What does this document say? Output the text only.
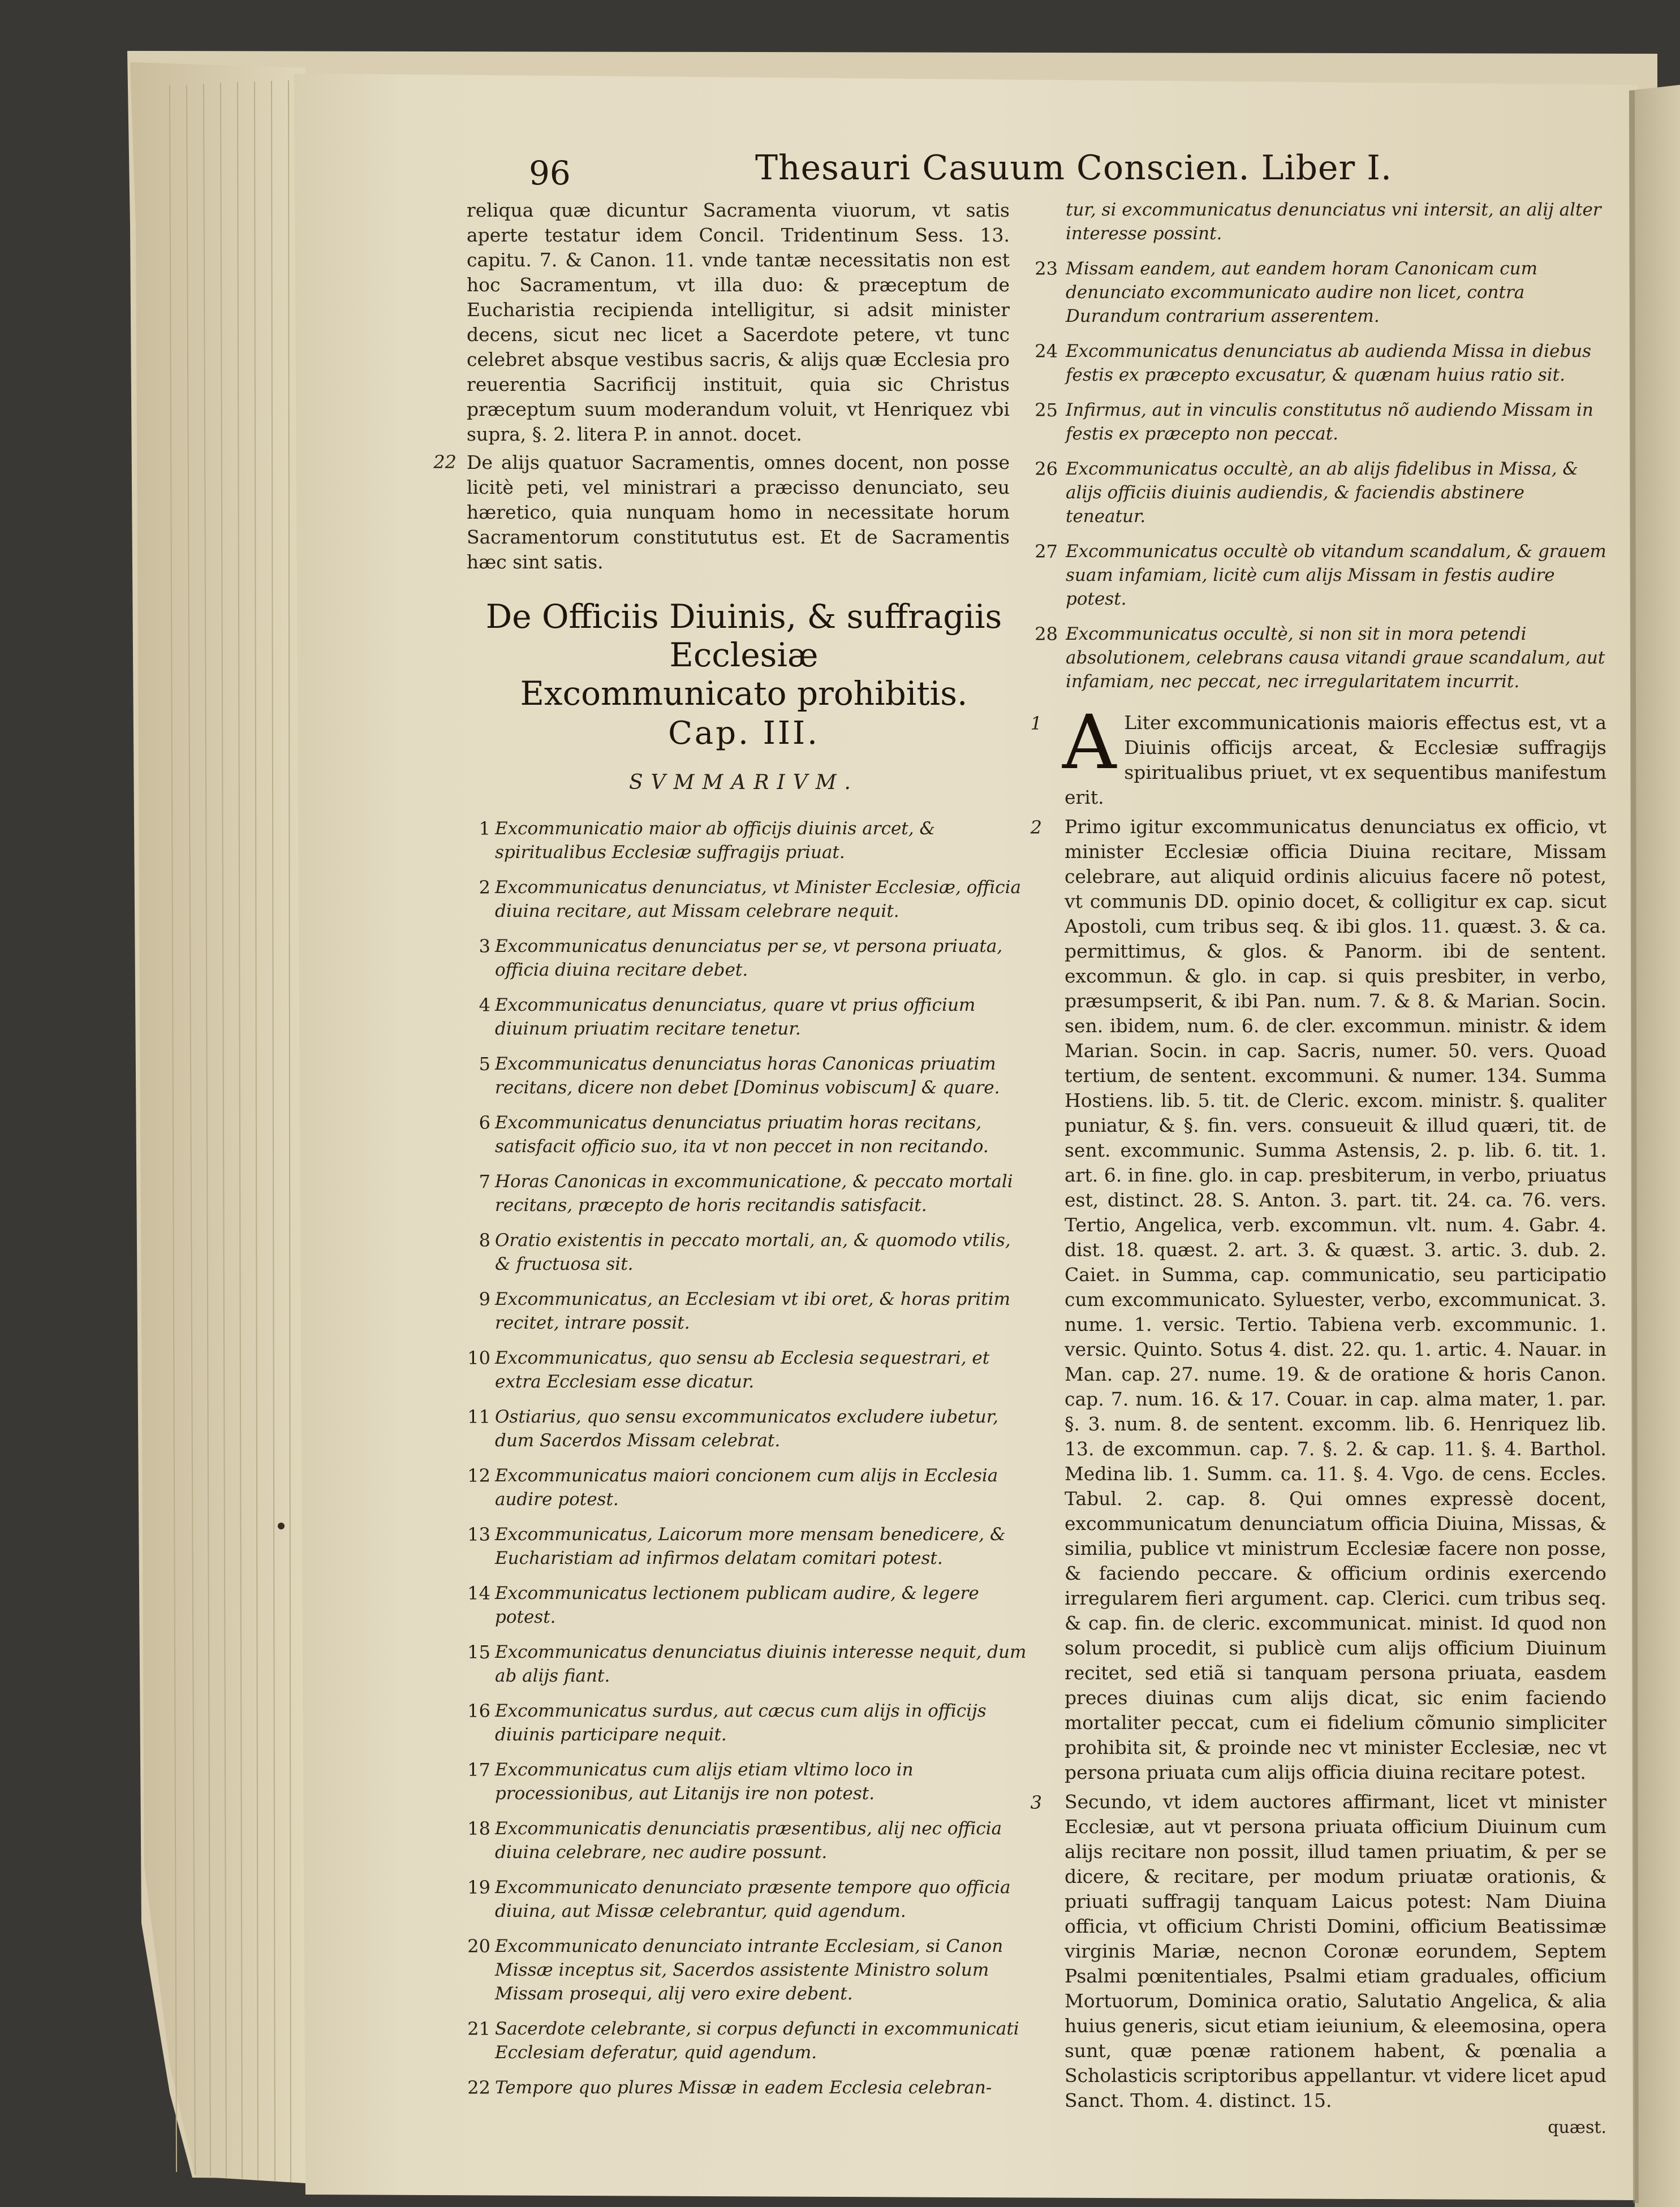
Thesauri Casuum Conscien. Liber I.
96

reliqua quæ dicuntur Sacramenta viuorum, vt satis aperte testatur idem Concil. Tridentinum Sess. 13. capitu. 7. & Canon. 11. vnde tantæ necessitatis non est hoc Sacramentum, vt illa duo: & præceptum de Eucharistia recipienda intelligitur, si adsit minister decens, sicut nec licet a Sacerdote petere, vt tunc celebret absque vestibus sacris, & alijs quæ Ecclesia pro reuerentia Sacrificij instituit, quia sic Christus præceptum suum moderandum voluit, vt Henriquez vbi supra, §. 2. litera P. in annot. docet.

22 De alijs quatuor Sacramentis, omnes docent, non posse licitè peti, vel ministrari a præcisso denunciato, seu hæretico, quia nunquam homo in necessitate horum Sacramentorum constitututus est. Et de Sacramentis hæc sint satis.

De Officiis Diuinis, & suffragiis Ecclesiæ
Excommunicato prohibitis.
Cap. III.
SVMMARIVM.
1 Excommunicatio maior ab officijs diuinis arcet, & spiritualibus Ecclesiæ suffragijs priuat.
2 Excommunicatus denunciatus, vt Minister Ecclesiæ, officia diuina recitare, aut Missam celebrare nequit.
3 Excommunicatus denunciatus per se, vt persona priuata, officia diuina recitare debet.
4 Excommunicatus denunciatus, quare vt prius officium diuinum priuatim recitare tenetur.
5 Excommunicatus denunciatus horas Canonicas priuatim recitans, dicere non debet [Dominus vobiscum] & quare.
6 Excommunicatus denunciatus priuatim horas recitans, satisfacit officio suo, ita vt non peccet in non recitando.
7 Horas Canonicas in excommunicatione, & peccato mortali recitans, præcepto de horis recitandis satisfacit.
8 Oratio existentis in peccato mortali, an, & quomodo vtilis, & fructuosa sit.
9 Excommunicatus, an Ecclesiam vt ibi oret, & horas pritim recitet, intrare possit.
10 Excommunicatus, quo sensu ab Ecclesia sequestrari, et extra Ecclesiam esse dicatur.
11 Ostiarius, quo sensu excommunicatos excludere iubetur, dum Sacerdos Missam celebrat.
12 Excommunicatus maiori concionem cum alijs in Ecclesia audire potest.
13 Excommunicatus, Laicorum more mensam benedicere, & Eucharistiam ad infirmos delatam comitari potest.
14 Excommunicatus lectionem publicam audire, & legere potest.
15 Excommunicatus denunciatus diuinis interesse nequit, dum ab alijs fiant.
16 Excommunicatus surdus, aut cæcus cum alijs in officijs diuinis participare nequit.
17 Excommunicatus cum alijs etiam vltimo loco in processionibus, aut Litanijs ire non potest.
18 Excommunicatis denunciatis præsentibus, alij nec officia diuina celebrare, nec audire possunt.
19 Excommunicato denunciato præsente tempore quo officia diuina, aut Missæ celebrantur, quid agendum.
20 Excommunicato denunciato intrante Ecclesiam, si Canon Missæ inceptus sit, Sacerdos assistente Ministro solum Missam prosequi, alij vero exire debent.
21 Sacerdote celebrante, si corpus defuncti in excommunicati Ecclesiam deferatur, quid agendum.
22 Tempore quo plures Missæ in eadem Ecclesia celebran-
tur, si excommunicatus denunciatus vni intersit, an alij alter interesse possint.
23 Missam eandem, aut eandem horam Canonicam cum denunciato excommunicato audire non licet, contra Durandum contrarium asserentem.
24 Excommunicatus denunciatus ab audienda Missa in diebus festis ex præcepto excusatur, & quænam huius ratio sit.
25 Infirmus, aut in vinculis constitutus nõ audiendo Missam in festis ex præcepto non peccat.
26 Excommunicatus occultè, an ab alijs fidelibus in Missa, & alijs officiis diuinis audiendis, & faciendis abstinere teneatur.
27 Excommunicatus occultè ob vitandum scandalum, & grauem suam infamiam, licitè cum alijs Missam in festis audire potest.
28 Excommunicatus occultè, si non sit in mora petendi absolutionem, celebrans causa vitandi graue scandalum, aut infamiam, nec peccat, nec irregularitatem incurrit.
1 A Liter excommunicationis maioris effectus est, vt a Diuinis officijs arceat, & Ecclesiæ suffragijs spiritualibus priuet, vt ex sequentibus manifestum erit.

2 Primo igitur excommunicatus denunciatus ex officio, vt minister Ecclesiæ officia Diuina recitare, Missam celebrare, aut aliquid ordinis alicuius facere nõ potest, vt communis DD. opinio docet, & colligitur ex cap. sicut Apostoli, cum tribus seq. & ibi glos. 11. quæst. 3. & ca. permittimus, & glos. & Panorm. ibi de sentent. excommun. & glo. in cap. si quis presbiter, in verbo, præsumpserit, & ibi Pan. num. 7. & 8. & Marian. Socin. sen. ibidem, num. 6. de cler. excommun. ministr. & idem Marian. Socin. in cap. Sacris, numer. 50. vers. Quoad tertium, de sentent. excommuni. & numer. 134. Summa Hostiens. lib. 5. tit. de Cleric. excom. ministr. §. qualiter puniatur, & §. fin. vers. consueuit & illud quæri, tit. de sent. excommunic. Summa Astensis, 2. p. lib. 6. tit. 1. art. 6. in fine. glo. in cap. presbiterum, in verbo, priuatus est, distinct. 28. S. Anton. 3. part. tit. 24. ca. 76. vers. Tertio, Angelica, verb. excommun. vlt. num. 4. Gabr. 4. dist. 18. quæst. 2. art. 3. & quæst. 3. artic. 3. dub. 2. Caiet. in Summa, cap. communicatio, seu participatio cum excommunicato. Syluester, verbo, excommunicat. 3. nume. 1. versic. Tertio. Tabiena verb. excommunic. 1. versic. Quinto. Sotus 4. dist. 22. qu. 1. artic. 4. Nauar. in Man. cap. 27. nume. 19. & de oratione & horis Canon. cap. 7. num. 16. & 17. Couar. in cap. alma mater, 1. par. §. 3. num. 8. de sentent. excomm. lib. 6. Henriquez lib. 13. de excommun. cap. 7. §. 2. & cap. 11. §. 4. Barthol. Medina lib. 1. Summ. ca. 11. §. 4. Vgo. de cens. Eccles. Tabul. 2. cap. 8. Qui omnes expressè docent, excommunicatum denunciatum officia Diuina, Missas, & similia, publice vt ministrum Ecclesiæ facere non posse, & faciendo peccare. & officium ordinis exercendo irregularem fieri argument. cap. Clerici. cum tribus seq. & cap. fin. de cleric. excommunicat. minist. Id quod non solum procedit, si publicè cum alijs officium Diuinum recitet, sed etiã si tanquam persona priuata, easdem preces diuinas cum alijs dicat, sic enim faciendo mortaliter peccat, cum ei fidelium cõmunio simpliciter prohibita sit, & proinde nec vt minister Ecclesiæ, nec vt persona priuata cum alijs officia diuina recitare potest.

3 Secundo, vt idem auctores affirmant, licet vt minister Ecclesiæ, aut vt persona priuata officium Diuinum cum alijs recitare non possit, illud tamen priuatim, & per se dicere, & recitare, per modum priuatæ orationis, & priuati suffragij tanquam Laicus potest: Nam Diuina officia, vt officium Christi Domini, officium Beatissimæ virginis Mariæ, necnon Coronæ eorundem, Septem Psalmi pœnitentiales, Psalmi etiam graduales, officium Mortuorum, Dominica oratio, Salutatio Angelica, & alia huius generis, sicut etiam ieiunium, & eleemosina, opera sunt, quæ pœnæ rationem habent, & pœnalia a Scholasticis scriptoribus appellantur. vt videre licet apud Sanct. Thom. 4. distinct. 15.

quæst.
